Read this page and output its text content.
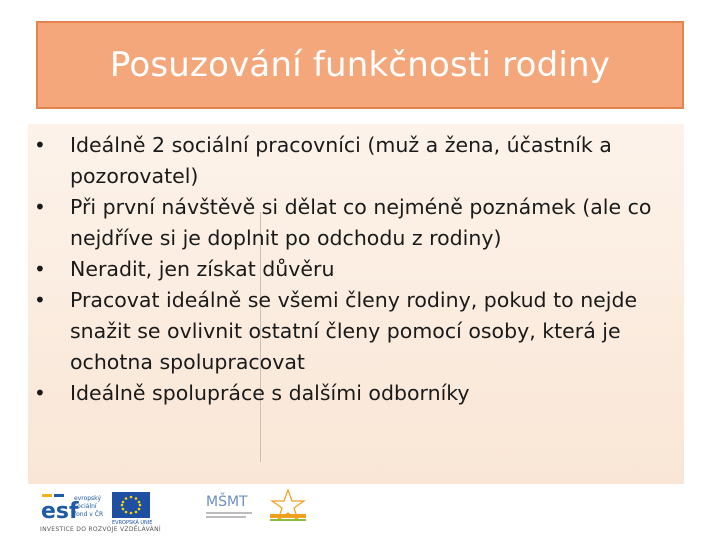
Posuzování funkčnosti rodiny
• Ideálně 2 sociální pracovníci (muž a žena, účastník a pozorovatel)
• Při první návštěvě si dělat co nejméně poznámek (ale co nejdříve si je doplnit po odchodu z rodiny)
• Neradit, jen získat důvěru
• Pracovat ideálně se všemi členy rodiny, pokud to nejde snažit se ovlivnit ostatní členy pomocí osoby, která je ochotna spolupracovat
• Ideálně spolupráce s dalšími odborníky
esf
evropský
sociální
fond v ČR
EVROPSKÁ UNIE
MŠMT
INVESTICE DO ROZVOJE VZDĚLÁVÁNÍ
